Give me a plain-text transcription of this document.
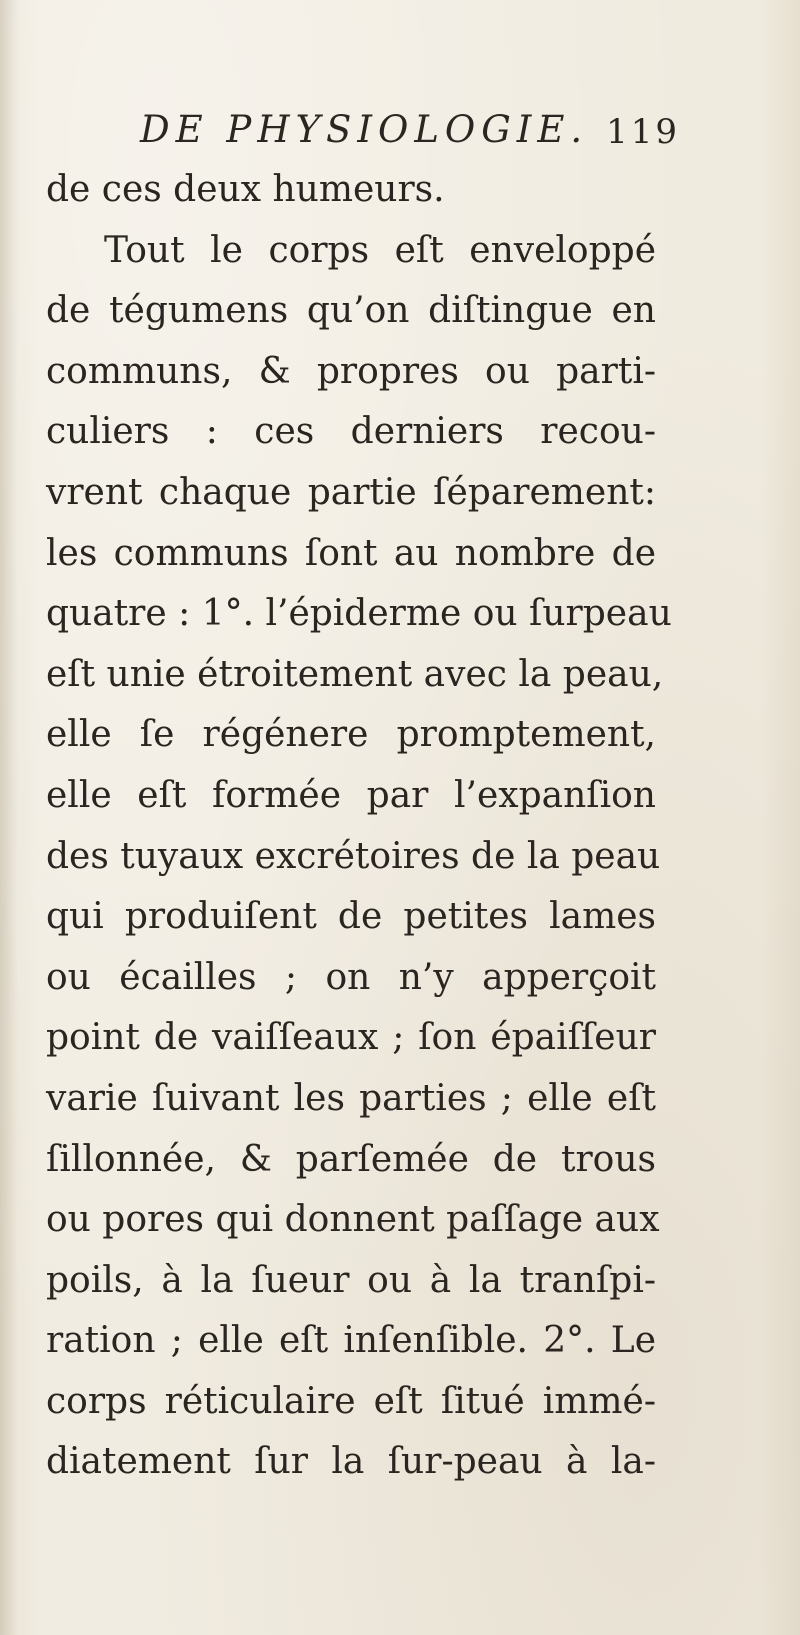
DE PHYSIOLOGIE. 119
de ces deux humeurs.
Tout le corps eſt enveloppé
de tégumens qu’on diſtingue en
communs, & propres ou parti-
culiers : ces derniers recou-
vrent chaque partie ſéparement:
les communs ſont au nombre de
quatre : 1°. l’épiderme ou ſurpeau
eſt unie étroitement avec la peau,
elle ſe régénere promptement,
elle eſt formée par l’expanſion
des tuyaux excrétoires de la peau
qui produiſent de petites lames
ou écailles ; on n’y apperçoit
point de vaiſſeaux ; ſon épaiſſeur
varie ſuivant les parties ; elle eſt
ſillonnée, & parſemée de trous
ou pores qui donnent paſſage aux
poils, à la ſueur ou à la tranſpi-
ration ; elle eſt inſenſible. 2°. Le
corps réticulaire eſt ſitué immé-
diatement ſur la ſur-peau à la-
